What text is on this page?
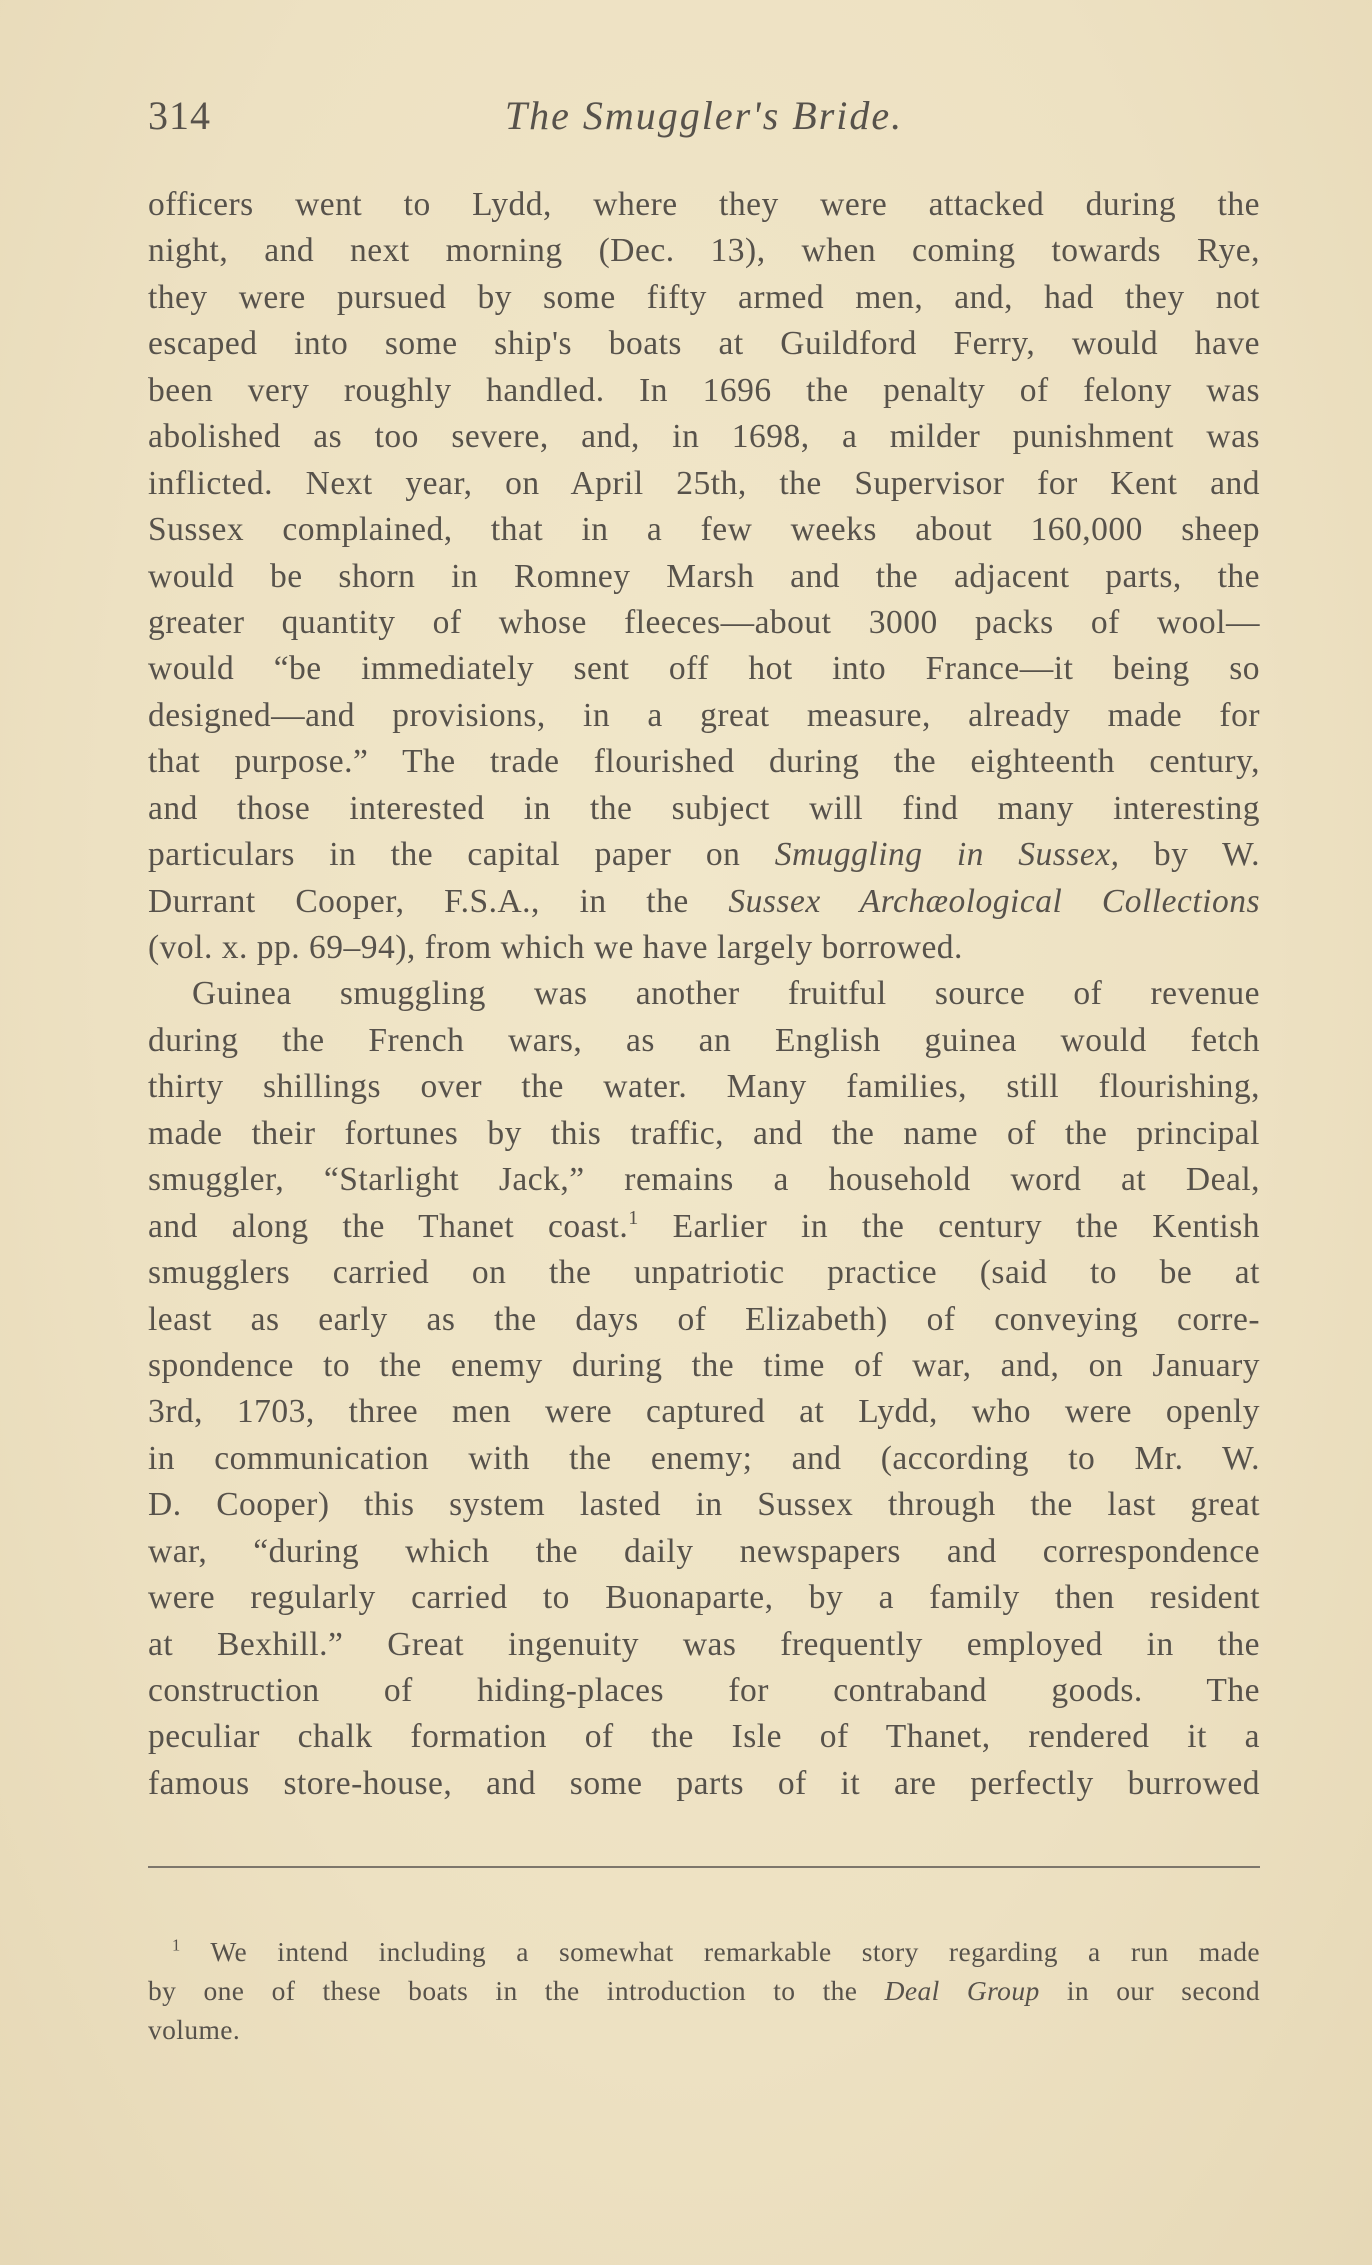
314	The Smuggler's Bride.
officers went to Lydd, where they were attacked during the
night, and next morning (Dec. 13), when coming towards Rye,
they were pursued by some fifty armed men, and, had they not
escaped into some ship's boats at Guildford Ferry, would have
been very roughly handled. In 1696 the penalty of felony was
abolished as too severe, and, in 1698, a milder punishment was
inflicted. Next year, on April 25th, the Supervisor for Kent and
Sussex complained, that in a few weeks about 160,000 sheep
would be shorn in Romney Marsh and the adjacent parts, the
greater quantity of whose fleeces—about 3000 packs of wool—
would “be immediately sent off hot into France—it being so
designed—and provisions, in a great measure, already made for
that purpose.” The trade flourished during the eighteenth century,
and those interested in the subject will find many interesting
particulars in the capital paper on Smuggling in Sussex, by W.
Durrant Cooper, F.S.A., in the Sussex Archæological Collections
(vol. x. pp. 69–94), from which we have largely borrowed.
Guinea smuggling was another fruitful source of revenue
during the French wars, as an English guinea would fetch
thirty shillings over the water. Many families, still flourishing,
made their fortunes by this traffic, and the name of the principal
smuggler, “Starlight Jack,” remains a household word at Deal,
and along the Thanet coast.$^1$ Earlier in the century the Kentish
smugglers carried on the unpatriotic practice (said to be at
least as early as the days of Elizabeth) of conveying corre-
spondence to the enemy during the time of war, and, on January
3rd, 1703, three men were captured at Lydd, who were openly
in communication with the enemy; and (according to Mr. W.
D. Cooper) this system lasted in Sussex through the last great
war, “during which the daily newspapers and correspondence
were regularly carried to Buonaparte, by a family then resident
at Bexhill.” Great ingenuity was frequently employed in the
construction of hiding-places for contraband goods. The
peculiar chalk formation of the Isle of Thanet, rendered it a
famous store-house, and some parts of it are perfectly burrowed
$^1$ We intend including a somewhat remarkable story regarding a run made
by one of these boats in the introduction to the Deal Group in our second
volume.
